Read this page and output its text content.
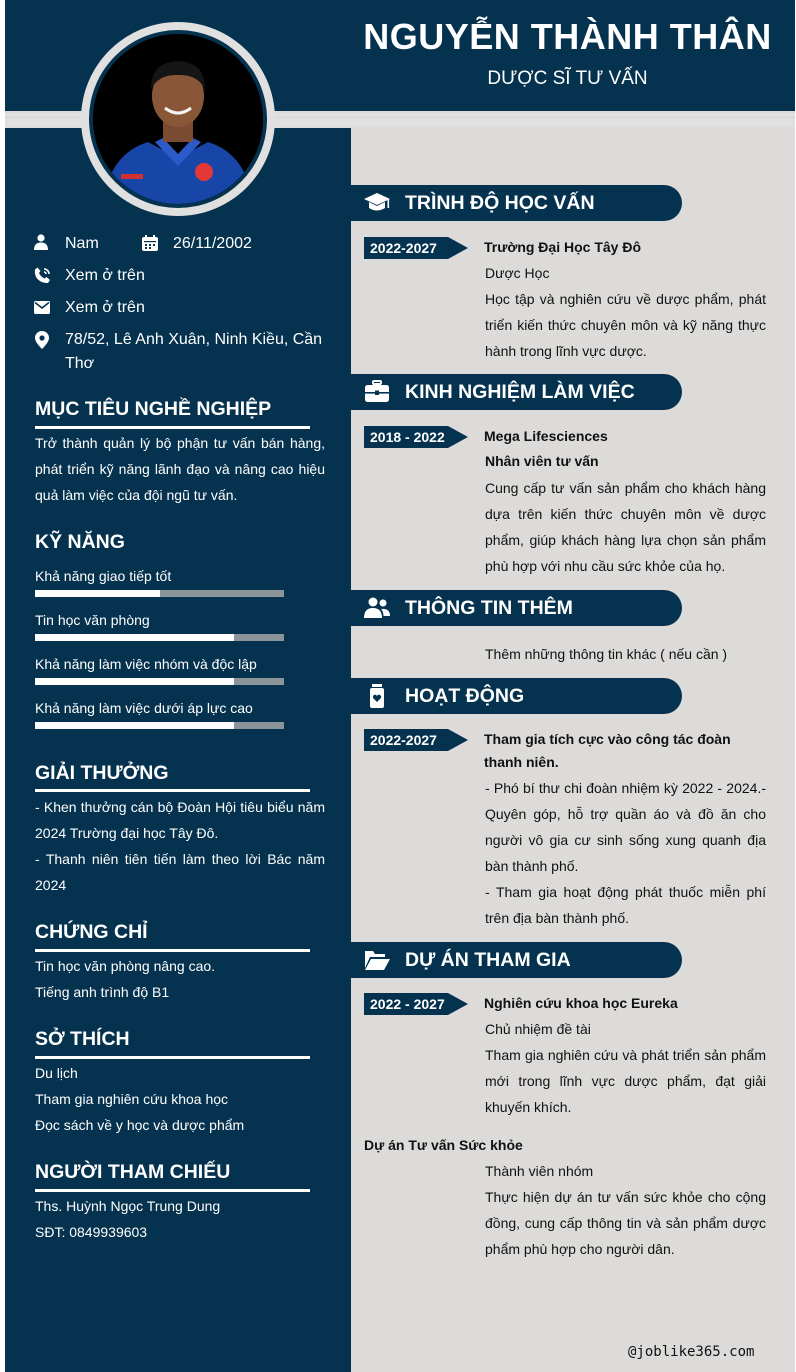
NGUYỄN THÀNH THÂN
DƯỢC SĨ TƯ VẤN
Nam	26/11/2002
Xem ở trên
Xem ở trên
78/52, Lê Anh Xuân, Ninh Kiều, Cần Thơ
MỤC TIÊU NGHỀ NGHIỆP
Trở thành quản lý bộ phận tư vấn bán hàng, phát triển kỹ năng lãnh đạo và nâng cao hiệu quả làm việc của đội ngũ tư vấn.
KỸ NĂNG
Khả năng giao tiếp tốt
Tin học văn phòng
Khả năng làm việc nhóm và độc lập
Khả năng làm việc dưới áp lực cao
GIẢI THƯỞNG
- Khen thưởng cán bộ Đoàn Hội tiêu biểu năm 2024 Trường đại học Tây Đô.
- Thanh niên tiên tiến làm theo lời Bác năm 2024
CHỨNG CHỈ
Tin học văn phòng nâng cao.
Tiếng anh trình độ B1
SỞ THÍCH
Du lịch
Tham gia nghiên cứu khoa học
Đọc sách về y học và dược phẩm
NGƯỜI THAM CHIẾU
Ths. Huỳnh Ngọc Trung Dung
SĐT: 0849939603
TRÌNH ĐỘ HỌC VẤN
2022-2027	Trường Đại Học Tây Đô
Dược Học
Học tập và nghiên cứu về dược phẩm, phát triển kiến thức chuyên môn và kỹ năng thực hành trong lĩnh vực dược.
KINH NGHIỆM LÀM VIỆC
2018 - 2022	Mega Lifesciences
Nhân viên tư vấn
Cung cấp tư vấn sản phẩm cho khách hàng dựa trên kiến thức chuyên môn về dược phẩm, giúp khách hàng lựa chọn sản phẩm phù hợp với nhu cầu sức khỏe của họ.
THÔNG TIN THÊM
Thêm những thông tin khác ( nếu cần )
HOẠT ĐỘNG
2022-2027	Tham gia tích cực vào công tác đoàn thanh niên.
- Phó bí thư chi đoàn nhiệm kỳ 2022 - 2024.- Quyên góp, hỗ trợ quần áo và đồ ăn cho người vô gia cư sinh sống xung quanh địa bàn thành phố.
- Tham gia hoạt động phát thuốc miễn phí trên địa bàn thành phố.
DỰ ÁN THAM GIA
2022 - 2027	Nghiên cứu khoa học Eureka
Chủ nhiệm đề tài
Tham gia nghiên cứu và phát triển sản phẩm mới trong lĩnh vực dược phẩm, đạt giải khuyến khích.
Dự án Tư vấn Sức khỏe
Thành viên nhóm
Thực hiện dự án tư vấn sức khỏe cho cộng đồng, cung cấp thông tin và sản phẩm dược phẩm phù hợp cho người dân.
@joblike365.com
